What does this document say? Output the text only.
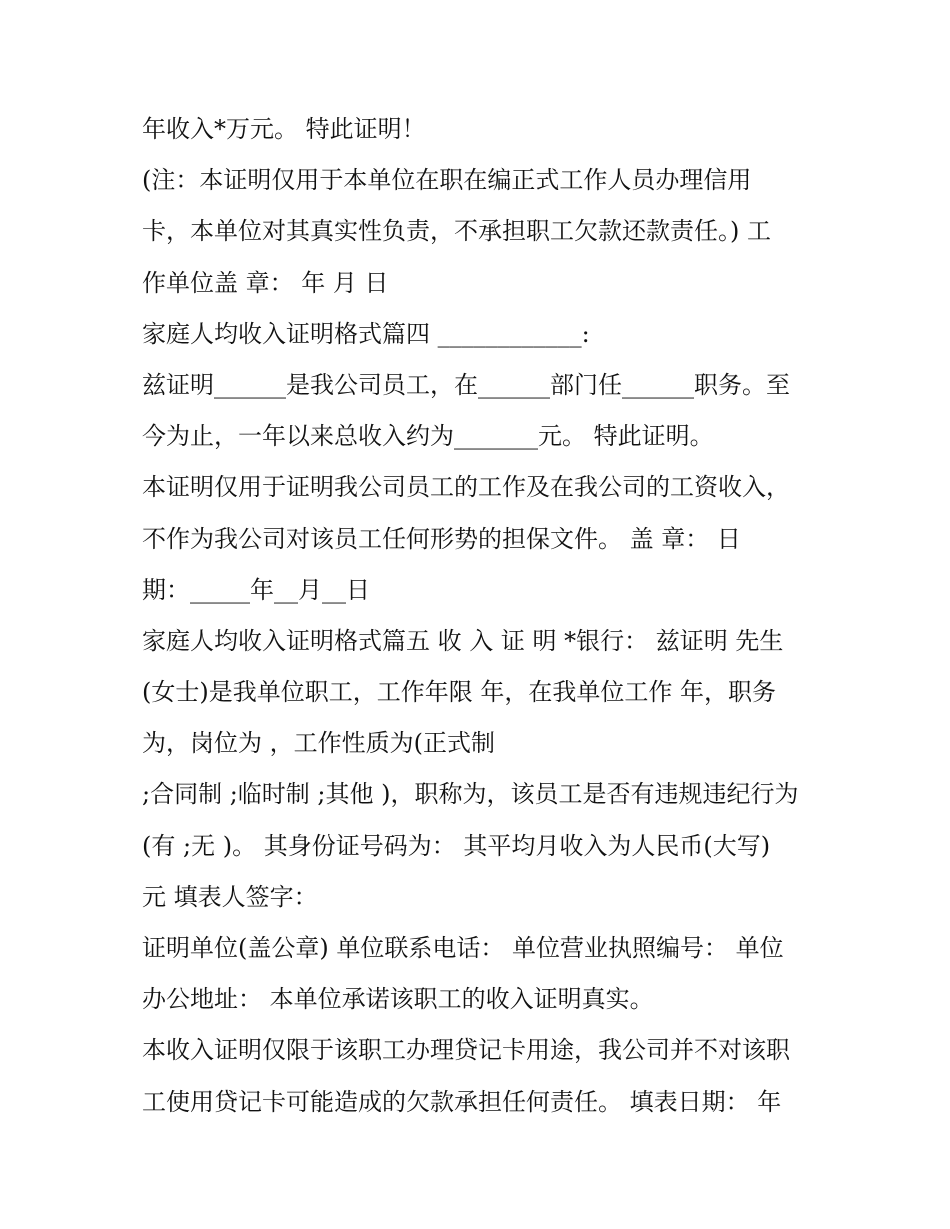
年收入*万元。 特此证明！
(注：本证明仅用于本单位在职在编正式工作人员办理信用
卡，本单位对其真实性负责，不承担职工欠款还款责任。) 工
作单位盖 章： 年 月 日
家庭人均收入证明格式篇四 ____________:
兹证明______是我公司员工，在______部门任______职务。至
今为止，一年以来总收入约为_______元。 特此证明。
本证明仅用于证明我公司员工的工作及在我公司的工资收入，
不作为我公司对该员工任何形势的担保文件。 盖 章： 日
期：_____年__月__日
家庭人均收入证明格式篇五 收 入 证 明 *银行： 兹证明 先生
(女士)是我单位职工，工作年限 年，在我单位工作 年，职务
为，岗位为 ，工作性质为(正式制
;合同制 ;临时制 ;其他 )，职称为，该员工是否有违规违纪行为
(有 ;无 )。 其身份证号码为： 其平均月收入为人民币(大写)
元 填表人签字：
证明单位(盖公章) 单位联系电话： 单位营业执照编号： 单位
办公地址： 本单位承诺该职工的收入证明真实。
本收入证明仅限于该职工办理贷记卡用途，我公司并不对该职
工使用贷记卡可能造成的欠款承担任何责任。 填表日期： 年
